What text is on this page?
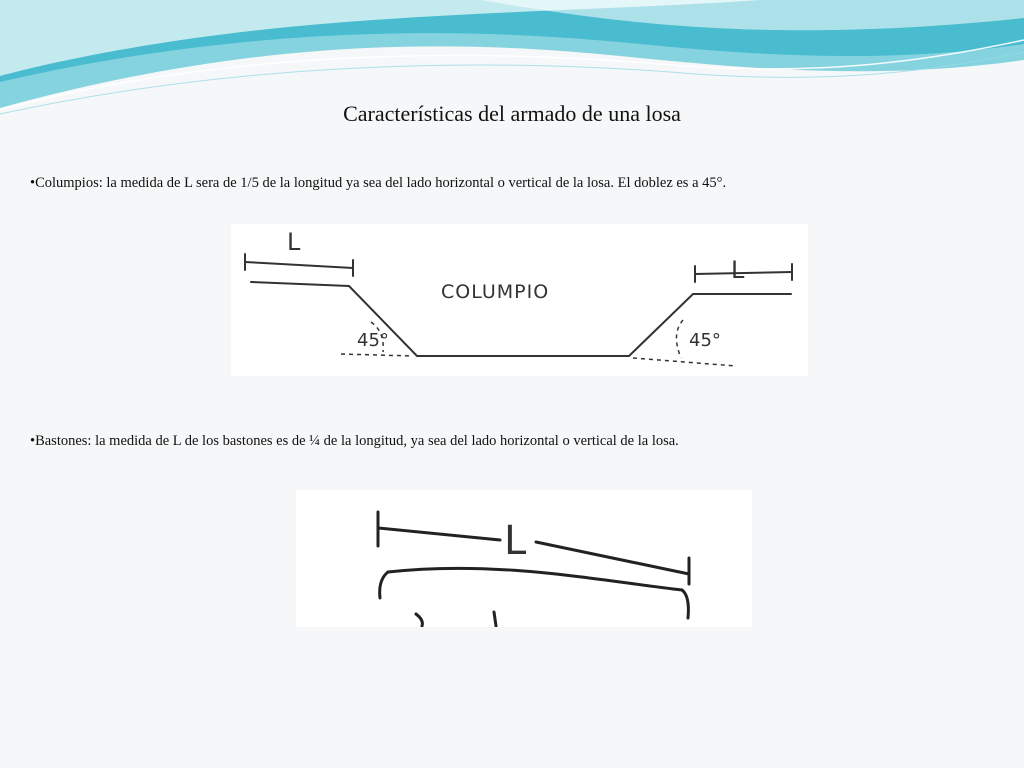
Características del armado de una losa

•Columpios: la medida de L sera de 1/5 de la longitud ya sea del lado horizontal o vertical de la losa. El doblez es a 45°.

COLUMPIO
L
L
45°	45°

•Bastones: la medida de L de los bastones es de ¼ de la longitud, ya sea del lado horizontal o vertical de la losa.

L
